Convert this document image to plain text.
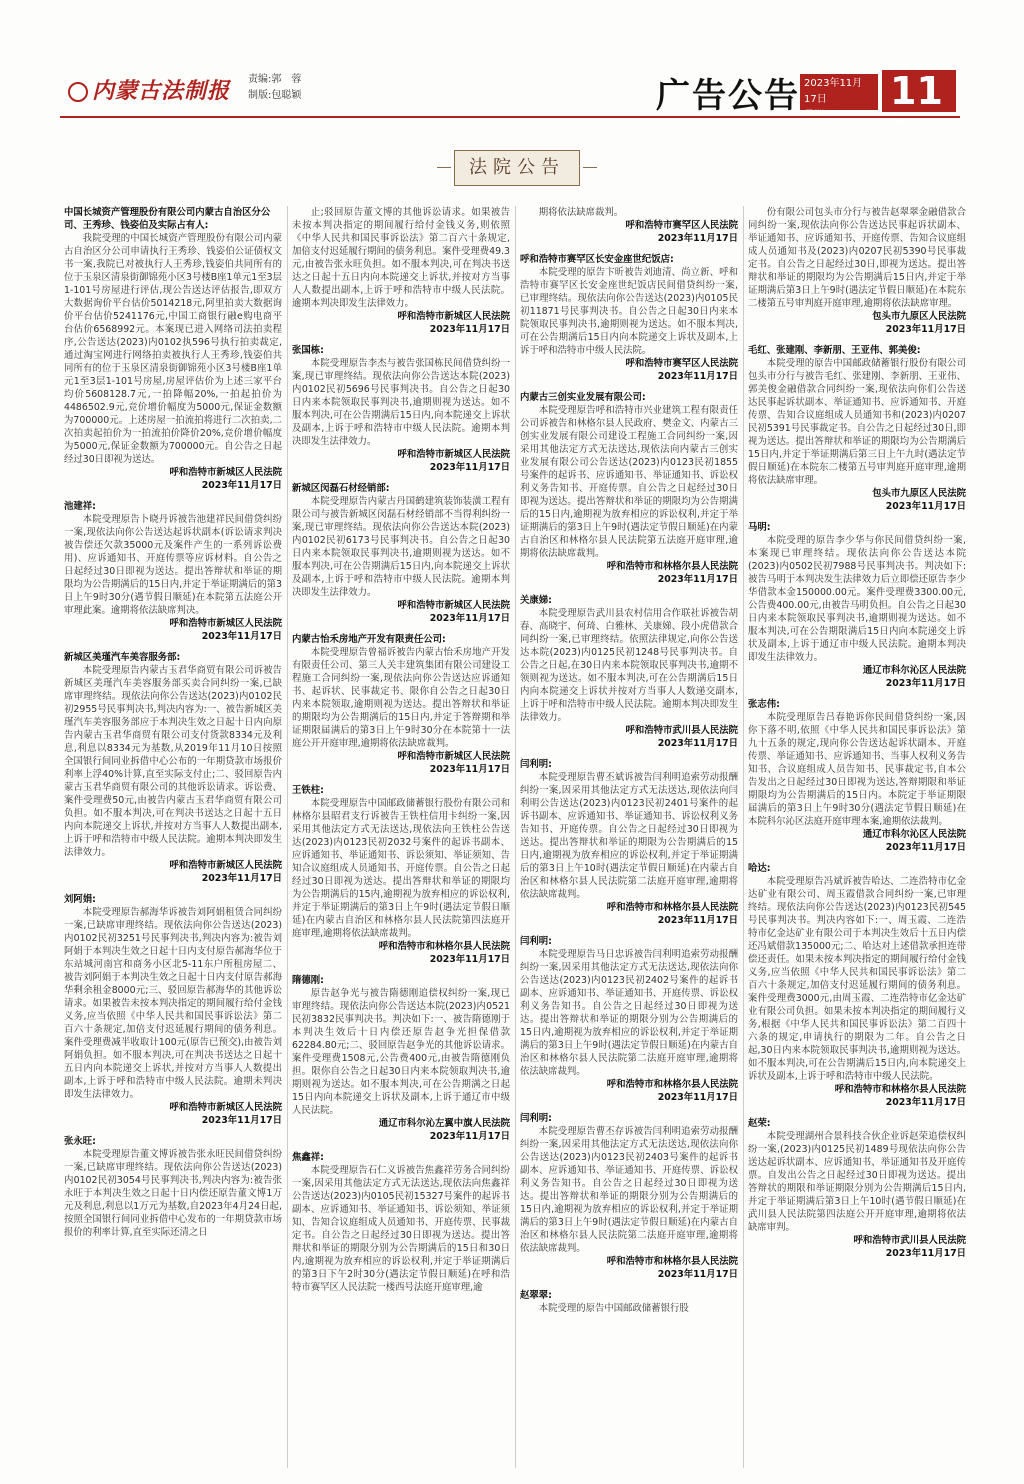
内蒙古法制报 责编:郭　蓉
制版:包聪颖	广告公告 2023年11月17日
星期五
$11^版$
法院公告

中国长城资产管理股份有限公司内蒙古自治区分公司、王秀珍、钱姿伯及实际占有人:

我院受理的中国长城资产管理股份有限公司内蒙古自治区分公司申请执行王秀珍、钱姿伯公证债权文书一案,我院已对被执行人王秀珍,钱姿伯共同所有的位于玉泉区清泉街御锦苑小区3号楼B座1单元1至3层1-101号房屋进行评估,现公告送达评估报告,即双方大数据询价平台估价5014218元,阿里拍卖大数据询价平台估价5241176元,中国工商银行融e购电商平台估价6568992元。本案现已进入网络司法拍卖程序,公告送达(2023)内0102执596号执行拍卖裁定,通过淘宝网进行网络拍卖被执行人王秀珍,钱姿伯共同所有的位于玉泉区清泉街御锦苑小区3号楼B座1单元1至3层1-101号房屋,房屋评估价为上述三家平台均价5608128.7元,一拍降幅20%,一拍起拍价为4486502.9元,竞价增价幅度为5000元,保证金数额为700000元。上述房屋一拍流拍将进行二次拍卖,二次拍卖起拍价为一拍流拍价降价20%,竞价增价幅度为5000元,保证金数额为700000元。自公告之日起经过30日即视为送达。

呼和浩特市新城区人民法院

2023年11月17日

池建祥:

本院受理原告卜晓丹诉被告池建祥民间借贷纠纷一案,现依法向你公告送达起诉状副本(诉讼请求判决被告偿还欠款35000元及案件产生的一系列诉讼费用)、应诉通知书、开庭传票等应诉材料。自公告之日起经过30日即视为送达。提出答辩状和举证的期限均为公告期满后的15日内,并定于举证期满后的第3日上午9时30分(遇节假日顺延)在本院第五法庭公开审理此案。逾期将依法缺席判决。

呼和浩特市新城区人民法院

2023年11月17日

新城区美瑾汽车美容服务部:

本院受理原告内蒙古玉君华商贸有限公司诉被告新城区美瑾汽车美容服务部买卖合同纠纷一案,已缺席审理终结。现依法向你公告送达(2023)内0102民初2955号民事判决书,判决内容为:一、被告新城区美瑾汽车美容服务部应于本判决生效之日起十日内向原告内蒙古玉君华商贸有限公司支付货款8334元及利息,利息以8334元为基数,从2019年11月10日按照全国银行间同业拆借中心公布的一年期贷款市场报价利率上浮40%计算,直至实际支付止;二、驳回原告内蒙古玉君华商贸有限公司的其他诉讼请求。诉讼费、案件受理费50元,由被告内蒙古玉君华商贸有限公司负担。如不服本判决,可在判决书送达之日起十五日内向本院递交上诉状,并按对方当事人人数提出副本,上诉于呼和浩特市中级人民法院。逾期本判决即发生法律效力。

呼和浩特市新城区人民法院

2023年11月17日

刘阿娟:

本院受理原告郝海华诉被告刘阿娟租赁合同纠纷一案,已缺席审理终结。现依法向你公告送达(2023)内0102民初3251号民事判决书,判决内容为:被告刘阿娟于本判决生效之日起十日内支付原告郝海华位于东站城河南宫和商务小区北5-11东户所租房屋二、被告刘阿娟于本判决生效之日起十日内支付原告郝海华剩余租金8000元;三、驳回原告郝海华的其他诉讼请求。如果被告未按本判决指定的期间履行给付金钱义务,应当依照《中华人民共和国民事诉讼法》第二百六十条规定,加倍支付迟延履行期间的债务利息。案件受理费减半收取计100元(原告已预交),由被告刘阿娟负担。如不服本判决,可在判决书送达之日起十五日内向本院递交上诉状,并按对方当事人人数提出副本,上诉于呼和浩特市中级人民法院。逾期未判决即发生法律效力。

呼和浩特市新城区人民法院

2023年11月17日

张永旺:

本院受理原告董文博诉被告张永旺民间借贷纠纷一案,已缺席审理终结。现依法向你公告送达(2023)内0102民初3054号民事判决书,判决内容为:被告张永旺于本判决生效之日起十日内偿还原告董文博1万元及利息,利息以1万元为基数,自2023年4月24日起,按照全国银行间同业拆借中心发布的一年期贷款市场报价的利率计算,直至实际还清之日

止;驳回原告董文博的其他诉讼请求。如果被告未按本判决指定的期间履行给付金钱义务,则依照《中华人民共和国民事诉讼法》第二百六十条规定,加倍支付迟延履行期间的债务利息。案件受理费49.3元,由被告张永旺负担。如不服本判决,可在判决书送达之日起十五日内向本院递交上诉状,并按对方当事人人数提出副本,上诉于呼和浩特市中级人民法院。逾期本判决即发生法律效力。

呼和浩特市新城区人民法院

2023年11月17日

张国栋:

本院受理原告李杰与被告张国栋民间借贷纠纷一案,现已审理终结。现依法向你公告送达本院(2023)内0102民初5696号民事判决书。自公告之日起30日内来本院领取民事判决书,逾期则视为送达。如不服本判决,可在公告期满后15日内,向本院递交上诉状及副本,上诉于呼和浩特市中级人民法院。逾期本判决即发生法律效力。

呼和浩特市新城区人民法院

2023年11月17日

新城区闵磊石材经销部:

本院受理原告内蒙古丹国鹤建筑装饰装潢工程有限公司与被告新城区闵磊石材经销部不当得利纠纷一案,现已审理终结。现依法向你公告送达本院(2023)内0102民初6173号民事判决书。自公告之日起30日内来本院领取民事判决书,逾期则视为送达。如不服本判决,可在公告期满后15日内,向本院递交上诉状及副本,上诉于呼和浩特市中级人民法院。逾期本判决即发生法律效力。

呼和浩特市新城区人民法院

2023年11月17日

内蒙古怡禾房地产开发有限责任公司:

本院受理原告曾福诉被告内蒙古怡禾房地产开发有限责任公司、第三人关丰建筑集团有限公司建设工程施工合同纠纷一案,现依法向你公告送达应诉通知书、起诉状、民事裁定书、限你自公告之日起30日内来本院领取,逾期则视为送达。提出答辩状和举证的期限均为公告期满后的15日内,并定于答辩期和举证期限届满后的第3日上午9时30分在本院第十一法庭公开开庭审理,逾期将依法缺席裁判。

呼和浩特市新城区人民法院

2023年11月17日

王铁柱:

本院受理原告中国邮政储蓄银行股份有限公司和林格尔县昭君支行诉被告王铁柱信用卡纠纷一案,因采用其他法定方式无法送达,现依法向王铁柱公告送达(2023)内0123民初2032号案件的起诉书副本、应诉通知书、举证通知书、诉讼须知、举证须知、告知合议庭组成人员通知书、开庭传票。自公告之日起经过30日即视为送达。提出答辩状和举证的期限均为公告期满后的15内,逾期视为放弃相应的诉讼权利,并定于举证期满后的第3日上午9时(遇法定节假日顺延)在内蒙古自治区和林格尔县人民法院第四法庭开庭审理,逾期将依法缺席裁判。

呼和浩特市和林格尔县人民法院

2023年11月17日

隋德刚:

原告赵争光与被告隋德刚追偿权纠纷一案,现已审理终结。现依法向你公告送达本院(2023)内0521民初3832民事判决书。判决如下:一、被告隋德刚于本判决生效后十日内偿还原告赵争光担保借款62284.80元;二、驳回原告赵争光的其他诉讼请求。案件受理费1508元,公告费400元,由被告隋德刚负担。限你自公告之日起30日内来本院领取判决书,逾期则视为送达。如不服本判决,可在公告期满之日起15日内向本院递交上诉状及副本,上诉于通辽市中级人民法院。

通辽市科尔沁左翼中旗人民法院

2023年11月17日

焦鑫祥:

本院受理原告石仁义诉被告焦鑫祥劳务合同纠纷一案,因采用其他法定方式无法送达,现依法向焦鑫祥公告送达(2023)内0105民初15327号案件的起诉书副本、应诉通知书、举证通知书、诉讼须知、举证须知、告知合议庭组成人员通知书、开庭传票、民事裁定书。自公告之日起经过30日即视为送达。提出答辩状和举证的期限分别为公告期满后的15日和30日内,逾期视为放弃相应的诉讼权利,并定于举证期满后的第3日下午2时30分(遇法定节假日顺延)在呼和浩特市赛罕区人民法院一楼西号法庭开庭审理,逾

期将依法缺席裁判。

呼和浩特市赛罕区人民法院

2023年11月17日

呼和浩特市赛罕区长安金座世纪饭店:

本院受理的原告卞昕被告刘迪清、尚立新、呼和浩特市赛罕区长安金座世纪饭店民间借贷纠纷一案,已审理终结。现依法向你公告送达(2023)内0105民初11871号民事判决书。自公告之日起30日内来本院领取民事判决书,逾期则视为送达。如不服本判决,可在公告期满后15日内向本院递交上诉状及副本,上诉于呼和浩特市中级人民法院。

呼和浩特市赛罕区人民法院

2023年11月17日

内蒙古三创实业发展有限公司:

本院受理原告呼和浩特市兴业建筑工程有限责任公司诉被告和林格尔县人民政府、樊金文、内蒙古三创实业发展有限公司建设工程施工合同纠纷一案,因采用其他法定方式无法送达,现依法向内蒙古三创实业发展有限公司公告送达(2023)内0123民初1855号案件的起诉书、应诉通知书、举证通知书、诉讼权利义务告知书、开庭传票。自公告之日起经过30日即视为送达。提出答辩状和举证的期限均为公告期满后的15日内,逾期视为放弃相应的诉讼权利,并定于举证期满后的第3日上午9时(遇法定节假日顺延)在内蒙古自治区和林格尔县人民法院第五法庭开庭审理,逾期将依法缺席裁判。

呼和浩特市和林格尔县人民法院

2023年11月17日

关康娣:

本院受理原告武川县农村信用合作联社诉被告胡春、高晓宇、何琦、白雅林、关康娣、段小虎借款合同纠纷一案,已审理终结。依照法律规定,向你公告送达本院(2023)内0125民初1248号民事判决书。自公告之日起,在30日内来本院领取民事判决书,逾期不领则视为送达。如不服本判决,可在公告期满后15日内向本院递交上诉状并按对方当事人人数递交副本,上诉于呼和浩特市中级人民法院。逾期本判决即发生法律效力。

呼和浩特市武川县人民法院

2023年11月17日

闫利明:

本院受理原告曹丕斌诉被告闫利明追索劳动报酬纠纷一案,因采用其他法定方式无法送达,现依法向闫利明公告送达(2023)内0123民初2401号案件的起诉书副本、应诉通知书、举证通知书、诉讼权利义务告知书、开庭传票。自公告之日起经过30日即视为送达。提出答辩状和举证的期限为公告期满后的15日内,逾期视为放弃相应的诉讼权利,并定于举证期满后的第3日上午10时(遇法定节假日顺延)在内蒙古自治区和林格尔县人民法院第二法庭开庭审理,逾期将依法缺席裁判。

呼和浩特市和林格尔县人民法院

2023年11月17日

闫利明:

本院受理原告马日忠诉被告闫利明追索劳动报酬纠纷一案,因采用其他法定方式无法送达,现依法向你公告送达(2023)内0123民初2402号案件的起诉书副本、应诉通知书、举证通知书、开庭传票、诉讼权利义务告知书。自公告之日起经过30日即视为送达。提出答辩状和举证的期限分别为公告期满后的15日内,逾期视为放弃相应的诉讼权利,并定于举证期满后的第3日上午9时(遇法定节假日顺延)在内蒙古自治区和林格尔县人民法院第二法庭开庭审理,逾期将依法缺席裁判。

呼和浩特市和林格尔县人民法院

2023年11月17日

闫利明:

本院受理原告曹丕存诉被告闫利明追索劳动报酬纠纷一案,因采用其他法定方式无法送达,现依法向你公告送达(2023)内0123民初2403号案件的起诉书副本、应诉通知书、举证通知书、开庭传票、诉讼权利义务告知书。自公告之日起经过30日即视为送达。提出答辩状和举证的期限分别为公告期满后的15日内,逾期视为放弃相应的诉讼权利,并定于举证期满后的第3日上午9时(遇法定节假日顺延)在内蒙古自治区和林格尔县人民法院第二法庭开庭审理,逾期将依法缺席裁判。

呼和浩特市和林格尔县人民法院

2023年11月17日

赵翠翠:

本院受理的原告中国邮政储蓄银行股

份有限公司包头市分行与被告赵翠翠金融借款合同纠纷一案,现依法向你公告送达民事起诉状副本、举证通知书、应诉通知书、开庭传票、告知合议庭组成人员通知书及(2023)内0207民初5390号民事裁定书。自公告之日起经过30日,即视为送达。提出答辩状和举证的期限均为公告期满后15日内,并定于举证期满后第3日上午9时(遇法定节假日顺延)在本院东二楼第五号审判庭开庭审理,逾期将依法缺席审理。

包头市九原区人民法院

2023年11月17日

毛红、张建刚、李新朋、王亚伟、郭美俊:

本院受理的原告中国邮政储蓄银行股份有限公司包头市分行与被告毛红、张建刚、李新朋、王亚伟、郭美俊金融借款合同纠纷一案,现依法向你们公告送达民事起诉状副本、举证通知书、应诉通知书、开庭传票、告知合议庭组成人员通知书和(2023)内0207民初5391号民事裁定书。自公告之日起经过30日,即视为送达。提出答辩状和举证的期限均为公告期满后15日内,并定于举证期满后第三日上午九时(遇法定节假日顺延)在本院东二楼第五号审判庭开庭审理,逾期将依法缺席审理。

包头市九原区人民法院

2023年11月17日

马明:

本院受理的原告李少华与你民间借贷纠纷一案,本案现已审理终结。现依法向你公告送达本院(2023)内0502民初7988号民事判决书。判决如下:被告马明于本判决发生法律效力后立即偿还原告李少华借款本金150000.00元。案件受理费3300.00元,公告费400.00元,由被告马明负担。自公告之日起30日内来本院领取民事判决书,逾期则视为送达。如不服本判决,可在公告期限满后15日内向本院递交上诉状及副本,上诉于通辽市中级人民法院。逾期本判决即发生法律效力。

通辽市科尔沁区人民法院

2023年11月17日

张志伟:

本院受理原告吕春艳诉你民间借贷纠纷一案,因你下落不明,依照《中华人民共和国民事诉讼法》第九十五条的规定,现向你公告送达起诉状副本、开庭传票、举证通知书、应诉通知书、当事人权利义务告知书、合议庭组成人员告知书、民事裁定书,自本公告发出之日起经过30日即视为送达,答辩期限和举证期限均为公告期满后的15日内。本院定于举证期限届满后的第3日上午9时30分(遇法定节假日顺延)在本院科尔沁区法庭开庭审理本案,逾期依法裁判。

通辽市科尔沁区人民法院

2023年11月17日

哈达:

本院受理原告冯斌诉被告哈达、二连浩特市亿金达矿业有限公司、周玉霞借款合同纠纷一案,已审理终结。现依法向你公告送达(2023)内0123民初545号民事判决书。判决内容如下:一、周玉霞、二连浩特市亿金达矿业有限公司于本判决生效后十五日内偿还冯斌借款135000元;二、哈达对上述借款承担连带偿还责任。如果未按本判决指定的期间履行给付金钱义务,应当依照《中华人民共和国民事诉讼法》第二百六十条规定,加倍支付迟延履行期间的债务利息。案件受理费3000元,由周玉霞、二连浩特市亿金达矿业有限公司负担。如果未按本判决指定的期间履行义务,根据《中华人民共和国民事诉讼法》第二百四十六条的规定,申请执行的期限为二年。自公告之日起,30日内来本院领取民事判决书,逾期则视为送达。如不服本判决,可在公告期满后15日内,向本院递交上诉状及副本,上诉于呼和浩特市中级人民法院。

呼和浩特市和林格尔县人民法院

2023年11月17日

赵荣:

本院受理湖州合景科技合伙企业诉赵荣追偿权纠纷一案,(2023)内0125民初1489号现依法向你公告送达起诉状副本、应诉通知书、举证通知书及开庭传票。自发出公告之日起经过30日即视为送达。提出答辩状的期限和举证期限分别为公告期满后15日内,并定于举证期满后第3日上午10时(遇节假日顺延)在武川县人民法院第四法庭公开开庭审理,逾期将依法缺席审判。

呼和浩特市武川县人民法院

2023年11月17日
